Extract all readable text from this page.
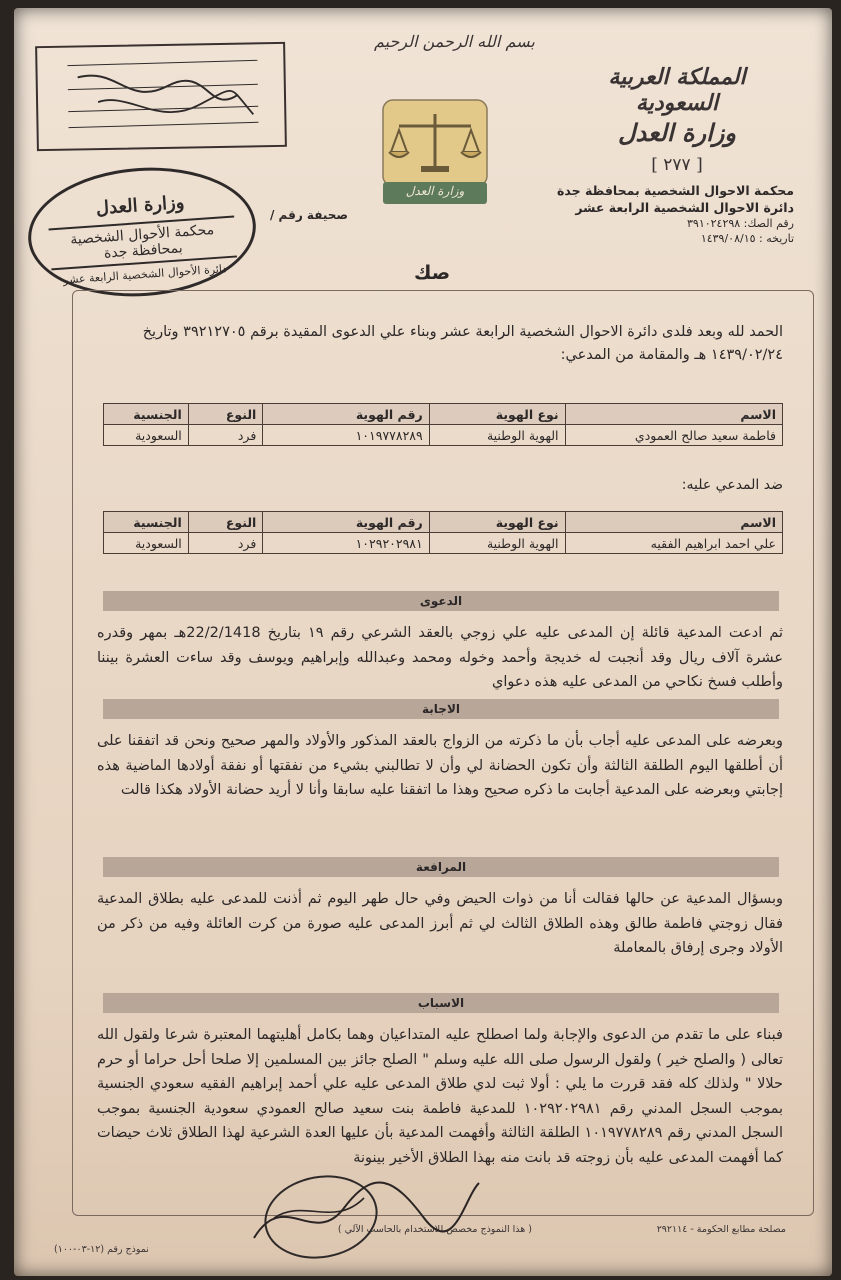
بسم الله الرحمن الرحيم
وزارة العدل
المملكة العربية السعودية
وزارة العدل
[ ٢٧٧ ]
محكمة الاحوال الشخصية بمحافظة جدة
دائرة الاحوال الشخصية الرابعة عشر
رقم الصك: ٣٩١٠٢٤٢٩٨
تاريخه : ١٤٣٩/٠٨/١٥
وزارة العدل
محكمة الأحوال الشخصية بمحافظة جدة
دائرة الأحوال الشخصية الرابعة عشر
صحيفة رقم /
صك
الحمد لله وبعد فلدى دائرة الاحوال الشخصية الرابعة عشر وبناء علي الدعوى المقيدة برقم ٣٩٢١٢٧٠٥ وتاريخ ١٤٣٩/٠٢/٢٤ هـ والمقامة من المدعي:
الاسم	نوع الهوية	رقم الهوية	النوع	الجنسية
فاطمة سعيد صالح العمودي	الهوية الوطنية	١٠١٩٧٧٨٢٨٩	فرد	السعودية
ضد المدعي عليه:
الاسم	نوع الهوية	رقم الهوية	النوع	الجنسية
علي احمد ابراهيم الفقيه	الهوية الوطنية	١٠٢٩٢٠٢٩٨١	فرد	السعودية
الدعوى
ثم ادعت المدعية قائلة إن المدعى عليه علي زوجي بالعقد الشرعي رقم ١٩ بتاريخ 22/2/1418هـ بمهر وقدره عشرة آلاف ريال وقد أنجبت له خديجة وأحمد وخوله ومحمد وعبدالله وإبراهيم ويوسف وقد ساءت العشرة بيننا وأطلب فسخ نكاحي من المدعى عليه هذه دعواي
الاجابة
وبعرضه على المدعى عليه أجاب بأن ما ذكرته من الزواج بالعقد المذكور والأولاد والمهر صحيح ونحن قد اتفقنا على أن أطلقها اليوم الطلقة الثالثة وأن تكون الحضانة لي وأن لا تطالبني بشيء من نفقتها أو نفقة أولادها الماضية هذه إجابتي وبعرضه على المدعية أجابت ما ذكره صحيح وهذا ما اتفقنا عليه سابقا وأنا لا أريد حضانة الأولاد هكذا قالت
المرافعة
وبسؤال المدعية عن حالها فقالت أنا من ذوات الحيض وفي حال طهر اليوم ثم أذنت للمدعى عليه بطلاق المدعية فقال زوجتي فاطمة طالق وهذه الطلاق الثالث لي ثم أبرز المدعى عليه صورة من كرت العائلة وفيه من ذكر من الأولاد وجرى إرفاق بالمعاملة
الاسباب
فبناء على ما تقدم من الدعوى والإجابة ولما اصطلح عليه المتداعيان وهما بكامل أهليتهما المعتبرة شرعا ولقول الله تعالى ( والصلح خير ) ولقول الرسول صلى الله عليه وسلم " الصلح جائز بين المسلمين إلا صلحا أحل حراما أو حرم حلالا " ولذلك كله فقد قررت ما يلي : أولا ثبت لدي طلاق المدعى عليه علي أحمد إبراهيم الفقيه سعودي الجنسية بموجب السجل المدني رقم ١٠٢٩٢٠٢٩٨١ للمدعية فاطمة بنت سعيد صالح العمودي سعودية الجنسية بموجب السجل المدني رقم ١٠١٩٧٧٨٢٨٩ الطلقة الثالثة وأفهمت المدعية بأن عليها العدة الشرعية لهذا الطلاق ثلاث حيضات كما أفهمت المدعى عليه بأن زوجته قد بانت منه بهذا الطلاق الأخير بينونة
مصلحة مطابع الحكومة - ٢٩٢١١٤
( هذا النموذج مخصص للاستخدام بالحاسب الآلي )
نموذج رقم (١٢-٠٣-١٠٠)
